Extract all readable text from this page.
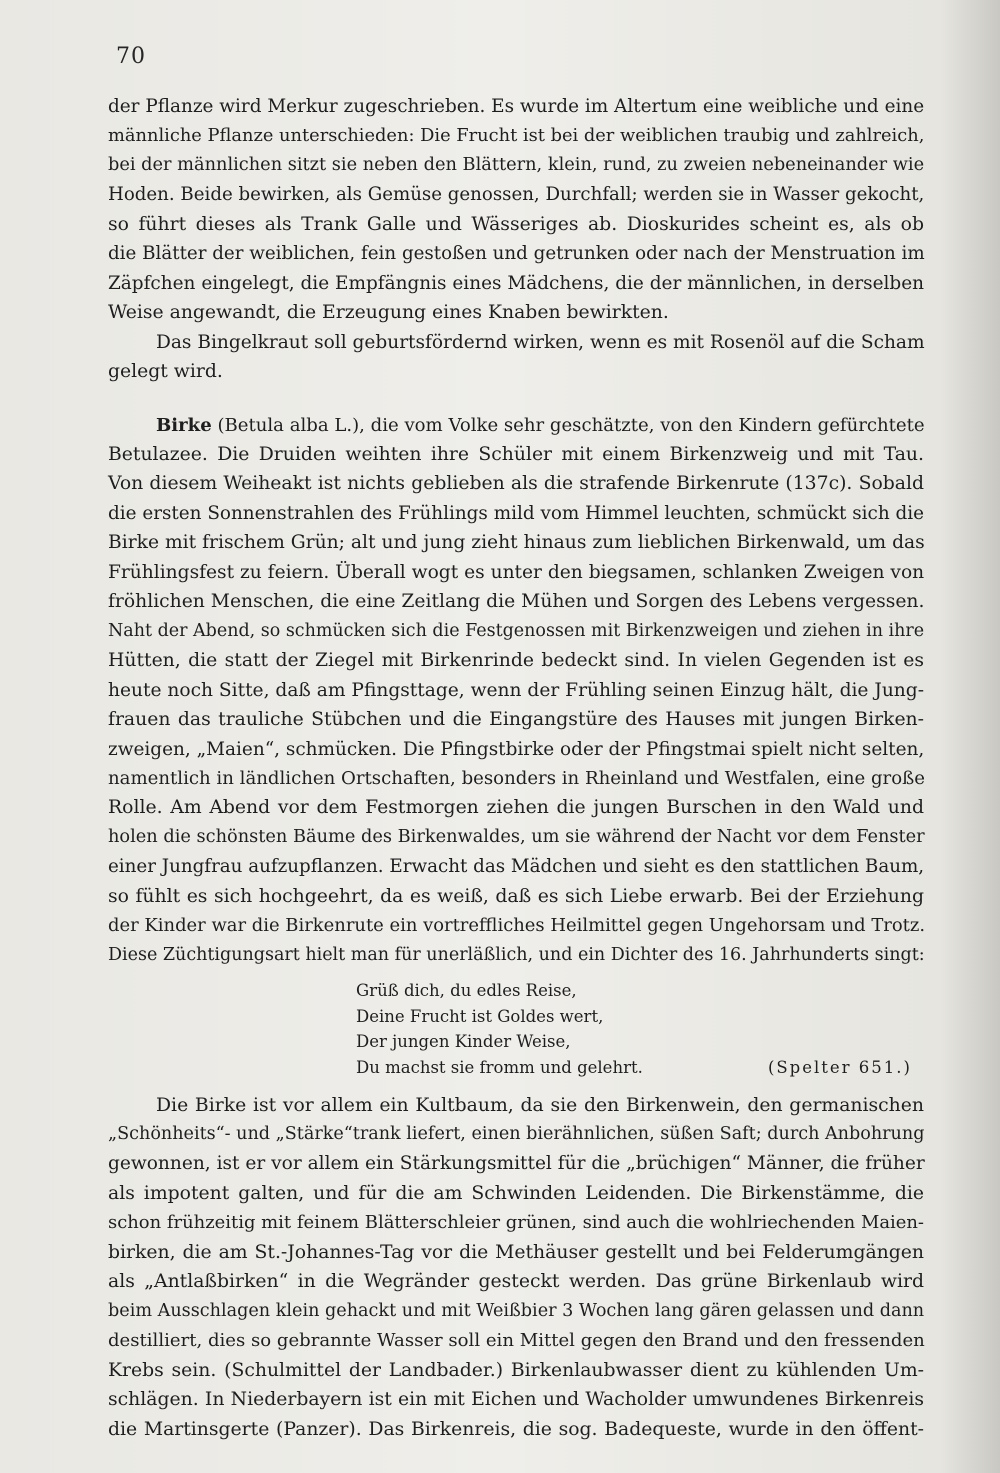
70
der Pflanze wird Merkur zugeschrieben. Es wurde im Altertum eine weibliche und eine
männliche Pflanze unterschieden: Die Frucht ist bei der weiblichen traubig und zahlreich,
bei der männlichen sitzt sie neben den Blättern, klein, rund, zu zweien nebeneinander wie
Hoden. Beide bewirken, als Gemüse genossen, Durchfall; werden sie in Wasser gekocht,
so führt dieses als Trank Galle und Wässeriges ab. Dioskurides scheint es, als ob
die Blätter der weiblichen, fein gestoßen und getrunken oder nach der Menstruation im
Zäpfchen eingelegt, die Empfängnis eines Mädchens, die der männlichen, in derselben
Weise angewandt, die Erzeugung eines Knaben bewirkten.
Das Bingelkraut soll geburtsfördernd wirken, wenn es mit Rosenöl auf die Scham
gelegt wird.
Birke (Betula alba L.), die vom Volke sehr geschätzte, von den Kindern gefürchtete
Betulazee. Die Druiden weihten ihre Schüler mit einem Birkenzweig und mit Tau.
Von diesem Weiheakt ist nichts geblieben als die strafende Birkenrute (137c). Sobald
die ersten Sonnenstrahlen des Frühlings mild vom Himmel leuchten, schmückt sich die
Birke mit frischem Grün; alt und jung zieht hinaus zum lieblichen Birkenwald, um das
Frühlingsfest zu feiern. Überall wogt es unter den biegsamen, schlanken Zweigen von
fröhlichen Menschen, die eine Zeitlang die Mühen und Sorgen des Lebens vergessen.
Naht der Abend, so schmücken sich die Festgenossen mit Birkenzweigen und ziehen in ihre
Hütten, die statt der Ziegel mit Birkenrinde bedeckt sind. In vielen Gegenden ist es
heute noch Sitte, daß am Pfingsttage, wenn der Frühling seinen Einzug hält, die Jung-
frauen das trauliche Stübchen und die Eingangstüre des Hauses mit jungen Birken-
zweigen, „Maien“, schmücken. Die Pfingstbirke oder der Pfingstmai spielt nicht selten,
namentlich in ländlichen Ortschaften, besonders in Rheinland und Westfalen, eine große
Rolle. Am Abend vor dem Festmorgen ziehen die jungen Burschen in den Wald und
holen die schönsten Bäume des Birkenwaldes, um sie während der Nacht vor dem Fenster
einer Jungfrau aufzupflanzen. Erwacht das Mädchen und sieht es den stattlichen Baum,
so fühlt es sich hochgeehrt, da es weiß, daß es sich Liebe erwarb. Bei der Erziehung
der Kinder war die Birkenrute ein vortreffliches Heilmittel gegen Ungehorsam und Trotz.
Diese Züchtigungsart hielt man für unerläßlich, und ein Dichter des 16. Jahrhunderts singt:
Grüß dich, du edles Reise,
Deine Frucht ist Goldes wert,
Der jungen Kinder Weise,
Du machst sie fromm und gelehrt.	(Spelter 651.)
Die Birke ist vor allem ein Kultbaum, da sie den Birkenwein, den germanischen
„Schönheits“- und „Stärke“trank liefert, einen bierähnlichen, süßen Saft; durch Anbohrung
gewonnen, ist er vor allem ein Stärkungsmittel für die „brüchigen“ Männer, die früher
als impotent galten, und für die am Schwinden Leidenden. Die Birkenstämme, die
schon frühzeitig mit feinem Blätterschleier grünen, sind auch die wohlriechenden Maien-
birken, die am St.-Johannes-Tag vor die Methäuser gestellt und bei Felderumgängen
als „Antlaßbirken“ in die Wegränder gesteckt werden. Das grüne Birkenlaub wird
beim Ausschlagen klein gehackt und mit Weißbier 3 Wochen lang gären gelassen und dann
destilliert, dies so gebrannte Wasser soll ein Mittel gegen den Brand und den fressenden
Krebs sein. (Schulmittel der Landbader.) Birkenlaubwasser dient zu kühlenden Um-
schlägen. In Niederbayern ist ein mit Eichen und Wacholder umwundenes Birkenreis
die Martinsgerte (Panzer). Das Birkenreis, die sog. Badequeste, wurde in den öffent-
